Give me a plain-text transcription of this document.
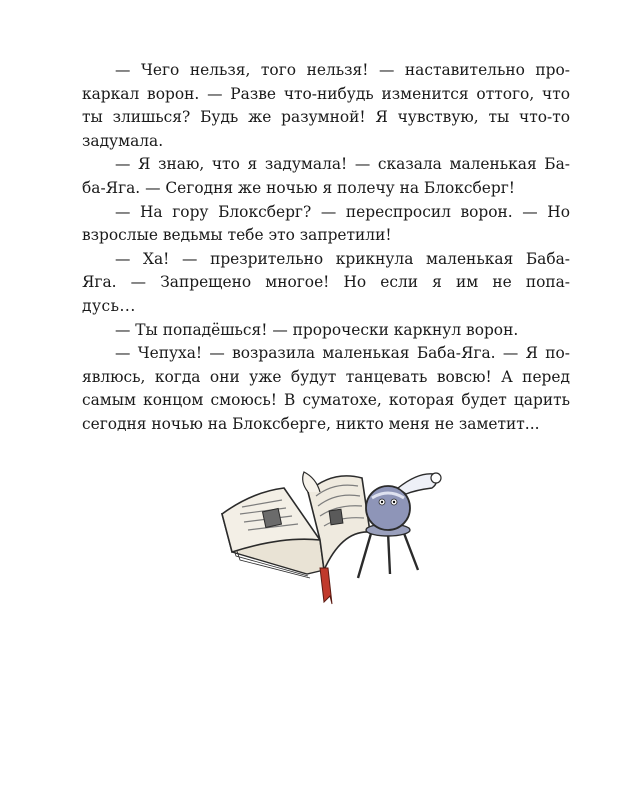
— Чего нельзя, того нельзя! — наставительно про-
каркал ворон. — Разве что-нибудь изменится оттого, что
ты злишься? Будь же разумной! Я чувствую, ты что-то
задумала.
— Я знаю, что я задумала! — сказала маленькая Ба-
ба-Яга. — Сегодня же ночью я полечу на Блоксберг!
— На гору Блоксберг? — переспросил ворон. — Но
взрослые ведьмы тебе это запретили!
— Ха! — презрительно крикнула маленькая Баба-
Яга. — Запрещено многое! Но если я им не попа-
дусь...
— Ты попадёшься! — пророчески каркнул ворон.
— Чепуха! — возразила маленькая Баба-Яга. — Я по-
явлюсь, когда они уже будут танцевать вовсю! А перед
самым концом смоюсь! В суматохе, которая будет царить
сегодня ночью на Блоксберге, никто меня не заметит...
